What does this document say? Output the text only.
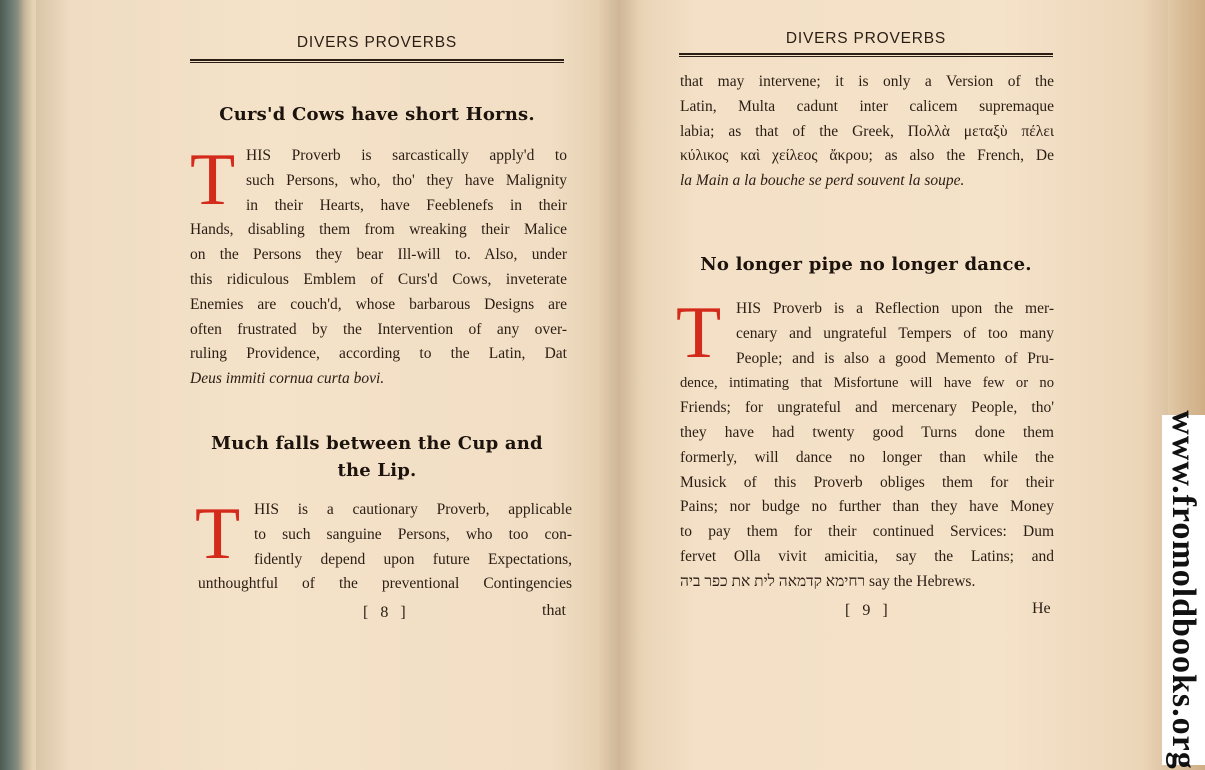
DIVERS PROVERBS
Curs'd Cows have short Horns.
T HIS Proverb is sarcastically apply'd to
such Persons, who, tho' they have Malignity
in their Hearts, have Feeblenefs in their
Hands, disabling them from wreaking their Malice
on the Persons they bear Ill-will to. Also, under
this ridiculous Emblem of Curs'd Cows, inveterate
Enemies are couch'd, whose barbarous Designs are
often frustrated by the Intervention of any over-
ruling Providence, according to the Latin, Dat
Deus immiti cornua curta bovi.
Much falls between the Cup and
the Lip.
T HIS is a cautionary Proverb, applicable
to such sanguine Persons, who too con-
fidently depend upon future Expectations,
unthoughtful of the preventional Contingencies
[ 8 ]	that
DIVERS PROVERBS
that may intervene; it is only a Version of the
Latin, Multa cadunt inter calicem supremaque
labia; as that of the Greek, Πολλὰ μεταξὺ πέλει
κύλικος καὶ χείλεος ἄκρου; as also the French, De
la Main a la bouche se perd souvent la soupe.
No longer pipe no longer dance.
T HIS Proverb is a Reflection upon the mer-
cenary and ungrateful Tempers of too many
People; and is also a good Memento of Pru-
dence, intimating that Misfortune will have few or no
Friends; for ungrateful and mercenary People, tho'
they have had twenty good Turns done them
formerly, will dance no longer than while the
Musick of this Proverb obliges them for their
Pains; nor budge no further than they have Money
to pay them for their continued Services: Dum
fervet Olla vivit amicitia, say the Latins; and
רחימא קדמאה לית את כפר ביה say the Hebrews.
[ 9 ]	He	www.fromoldbooks.org
